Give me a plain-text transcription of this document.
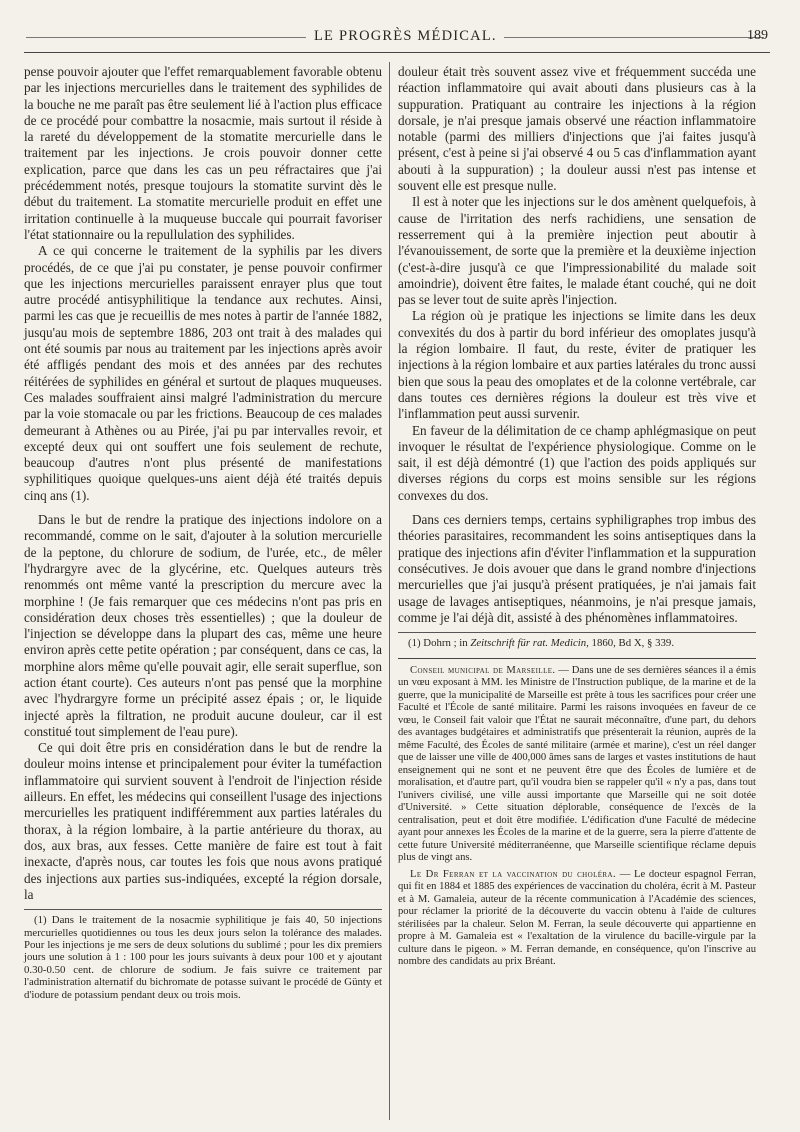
LE PROGRÈS MÉDICAL.	189

pense pouvoir ajouter que l'effet remarquablement favorable obtenu par les injections mercurielles dans le traitement des syphilides de la bouche ne me paraît pas être seulement lié à l'action plus efficace de ce procédé pour combattre la nosacmie, mais surtout il réside à la rareté du développement de la stomatite mercurielle dans le traitement par les injections. Je crois pouvoir donner cette explication, parce que dans les cas un peu réfractaires que j'ai précédemment notés, presque toujours la stomatite survint dès le début du traitement. La stomatite mercurielle produit en effet une irritation continuelle à la muqueuse buccale qui pourrait favoriser l'état stationnaire ou la repullulation des syphilides.

A ce qui concerne le traitement de la syphilis par les divers procédés, de ce que j'ai pu constater, je pense pouvoir confirmer que les injections mercurielles paraissent enrayer plus que tout autre procédé antisyphilitique la tendance aux rechutes. Ainsi, parmi les cas que je recueillis de mes notes à partir de l'année 1882, jusqu'au mois de septembre 1886, 203 ont trait à des malades qui ont été soumis par nous au traitement par les injections après avoir été affligés pendant des mois et des années par des rechutes réitérées de syphilides en général et surtout de plaques muqueuses. Ces malades souffraient ainsi malgré l'administration du mercure par la voie stomacale ou par les frictions. Beaucoup de ces malades demeurant à Athènes ou au Pirée, j'ai pu par intervalles revoir, et excepté deux qui ont souffert une fois seulement de rechute, beaucoup d'autres n'ont plus présenté de manifestations syphilitiques quoique quelques-uns aient déjà été traités depuis cinq ans (1).

Dans le but de rendre la pratique des injections indolore on a recommandé, comme on le sait, d'ajouter à la solution mercurielle de la peptone, du chlorure de sodium, de l'urée, etc., de mêler l'hydrargyre avec de la glycérine, etc. Quelques auteurs très renommés ont même vanté la prescription du mercure avec la morphine ! (Je fais remarquer que ces médecins n'ont pas pris en considération deux choses très essentielles) ; que la douleur de l'injection se développe dans la plupart des cas, même une heure environ après cette petite opération ; par conséquent, dans ce cas, la morphine alors même qu'elle pouvait agir, elle serait superflue, son action étant courte). Ces auteurs n'ont pas pensé que la morphine avec l'hydrargyre forme un précipité assez épais ; or, le liquide injecté après la filtration, ne produit aucune douleur, car il est constitué tout simplement de l'eau pure).

Ce qui doit être pris en considération dans le but de rendre la douleur moins intense et principalement pour éviter la tuméfaction inflammatoire qui survient souvent à l'endroit de l'injection réside ailleurs. En effet, les médecins qui conseillent l'usage des injections mercurielles les pratiquent indifféremment aux parties latérales du thorax, à la région lombaire, à la partie antérieure du thorax, au dos, aux bras, aux fesses. Cette manière de faire est tout à fait inexacte, d'après nous, car toutes les fois que nous avons pratiqué des injections aux parties sus-indiquées, excepté la région dorsale, la

(1) Dans le traitement de la nosacmie syphilitique je fais 40, 50 injections mercurielles quotidiennes ou tous les deux jours selon la tolérance des malades. Pour les injections je me sers de deux solutions du sublimé ; pour les dix premiers jours une solution à 1 : 100 pour les jours suivants à deux pour 100 et y ajoutant 0.30-0.50 cent. de chlorure de sodium. Je fais suivre ce traitement par l'administration alternatif du bichromate de potasse suivant le procédé de Günty et d'iodure de potassium pendant deux ou trois mois.

douleur était très souvent assez vive et fréquemment succéda une réaction inflammatoire qui avait abouti dans plusieurs cas à la suppuration. Pratiquant au contraire les injections à la région dorsale, je n'ai presque jamais observé une réaction inflammatoire notable (parmi des milliers d'injections que j'ai faites jusqu'à présent, c'est à peine si j'ai observé 4 ou 5 cas d'inflammation ayant abouti à la suppuration) ; la douleur aussi n'est pas intense et souvent elle est presque nulle.

Il est à noter que les injections sur le dos amènent quelquefois, à cause de l'irritation des nerfs rachidiens, une sensation de resserrement qui à la première injection peut aboutir à l'évanouissement, de sorte que la première et la deuxième injection (c'est-à-dire jusqu'à ce que l'impressionabilité du malade soit amoindrie), doivent être faites, le malade étant couché, qui ne doit pas se lever tout de suite après l'injection.

La région où je pratique les injections se limite dans les deux convexités du dos à partir du bord inférieur des omoplates jusqu'à la région lombaire. Il faut, du reste, éviter de pratiquer les injections à la région lombaire et aux parties latérales du tronc aussi bien que sous la peau des omoplates et de la colonne vertébrale, car dans toutes ces dernières régions la douleur est très vive et l'inflammation peut aussi survenir.

En faveur de la délimitation de ce champ aphlégmasique on peut invoquer le résultat de l'expérience physiologique. Comme on le sait, il est déjà démontré (1) que l'action des poids appliqués sur diverses régions du corps est moins sensible sur les régions convexes du dos.

Dans ces derniers temps, certains syphiligraphes trop imbus des théories parasitaires, recommandent les soins antiseptiques dans la pratique des injections afin d'éviter l'inflammation et la suppuration consécutives. Je dois avouer que dans le grand nombre d'injections mercurielles que j'ai jusqu'à présent pratiquées, je n'ai jamais fait usage de lavages antiseptiques, néanmoins, je n'ai presque jamais, comme je l'ai déjà dit, assisté à des phénomènes inflammatoires.

(1) Dohrn ; in Zeitschrift für rat. Medicin, 1860, Bd X, § 339.

Conseil municipal de Marseille. — Dans une de ses dernières séances il a émis un vœu exposant à MM. les Ministre de l'Instruction publique, de la marine et de la guerre, que la municipalité de Marseille est prête à tous les sacrifices pour créer une Faculté et l'École de santé militaire. Parmi les raisons invoquées en faveur de ce vœu, le Conseil fait valoir que l'État ne saurait méconnaître, d'une part, du dehors des avantages budgétaires et administratifs que présenterait la réunion, auprès de la même Faculté, des Écoles de santé militaire (armée et marine), c'est un réel danger que de laisser une ville de 400,000 âmes sans de larges et vastes institutions de haut enseignement qui ne sont et ne peuvent être que des Écoles de lumière et de moralisation, et d'autre part, qu'il voudra bien se rappeler qu'il « n'y a pas, dans tout l'univers civilisé, une ville aussi importante que Marseille qui ne soit dotée d'Université. » Cette situation déplorable, conséquence de l'excès de la centralisation, peut et doit être modifiée. L'édification d'une Faculté de médecine ayant pour annexes les Écoles de la marine et de la guerre, sera la pierre d'attente de cette future Université méditerranéenne, que Marseille scientifique réclame depuis plus de vingt ans.

Le Dr Ferran et la vaccination du choléra. — Le docteur espagnol Ferran, qui fit en 1884 et 1885 des expériences de vaccination du choléra, écrit à M. Pasteur et à M. Gamaleia, auteur de la récente communication à l'Académie des sciences, pour réclamer la priorité de la découverte du vaccin obtenu à l'aide de cultures stérilisées par la chaleur. Selon M. Ferran, la seule découverte qui appartienne en propre à M. Gamaleia est « l'exaltation de la virulence du bacille-virgule par la culture dans le pigeon. » M. Ferran demande, en conséquence, qu'on l'inscrive au nombre des candidats au prix Bréant.
